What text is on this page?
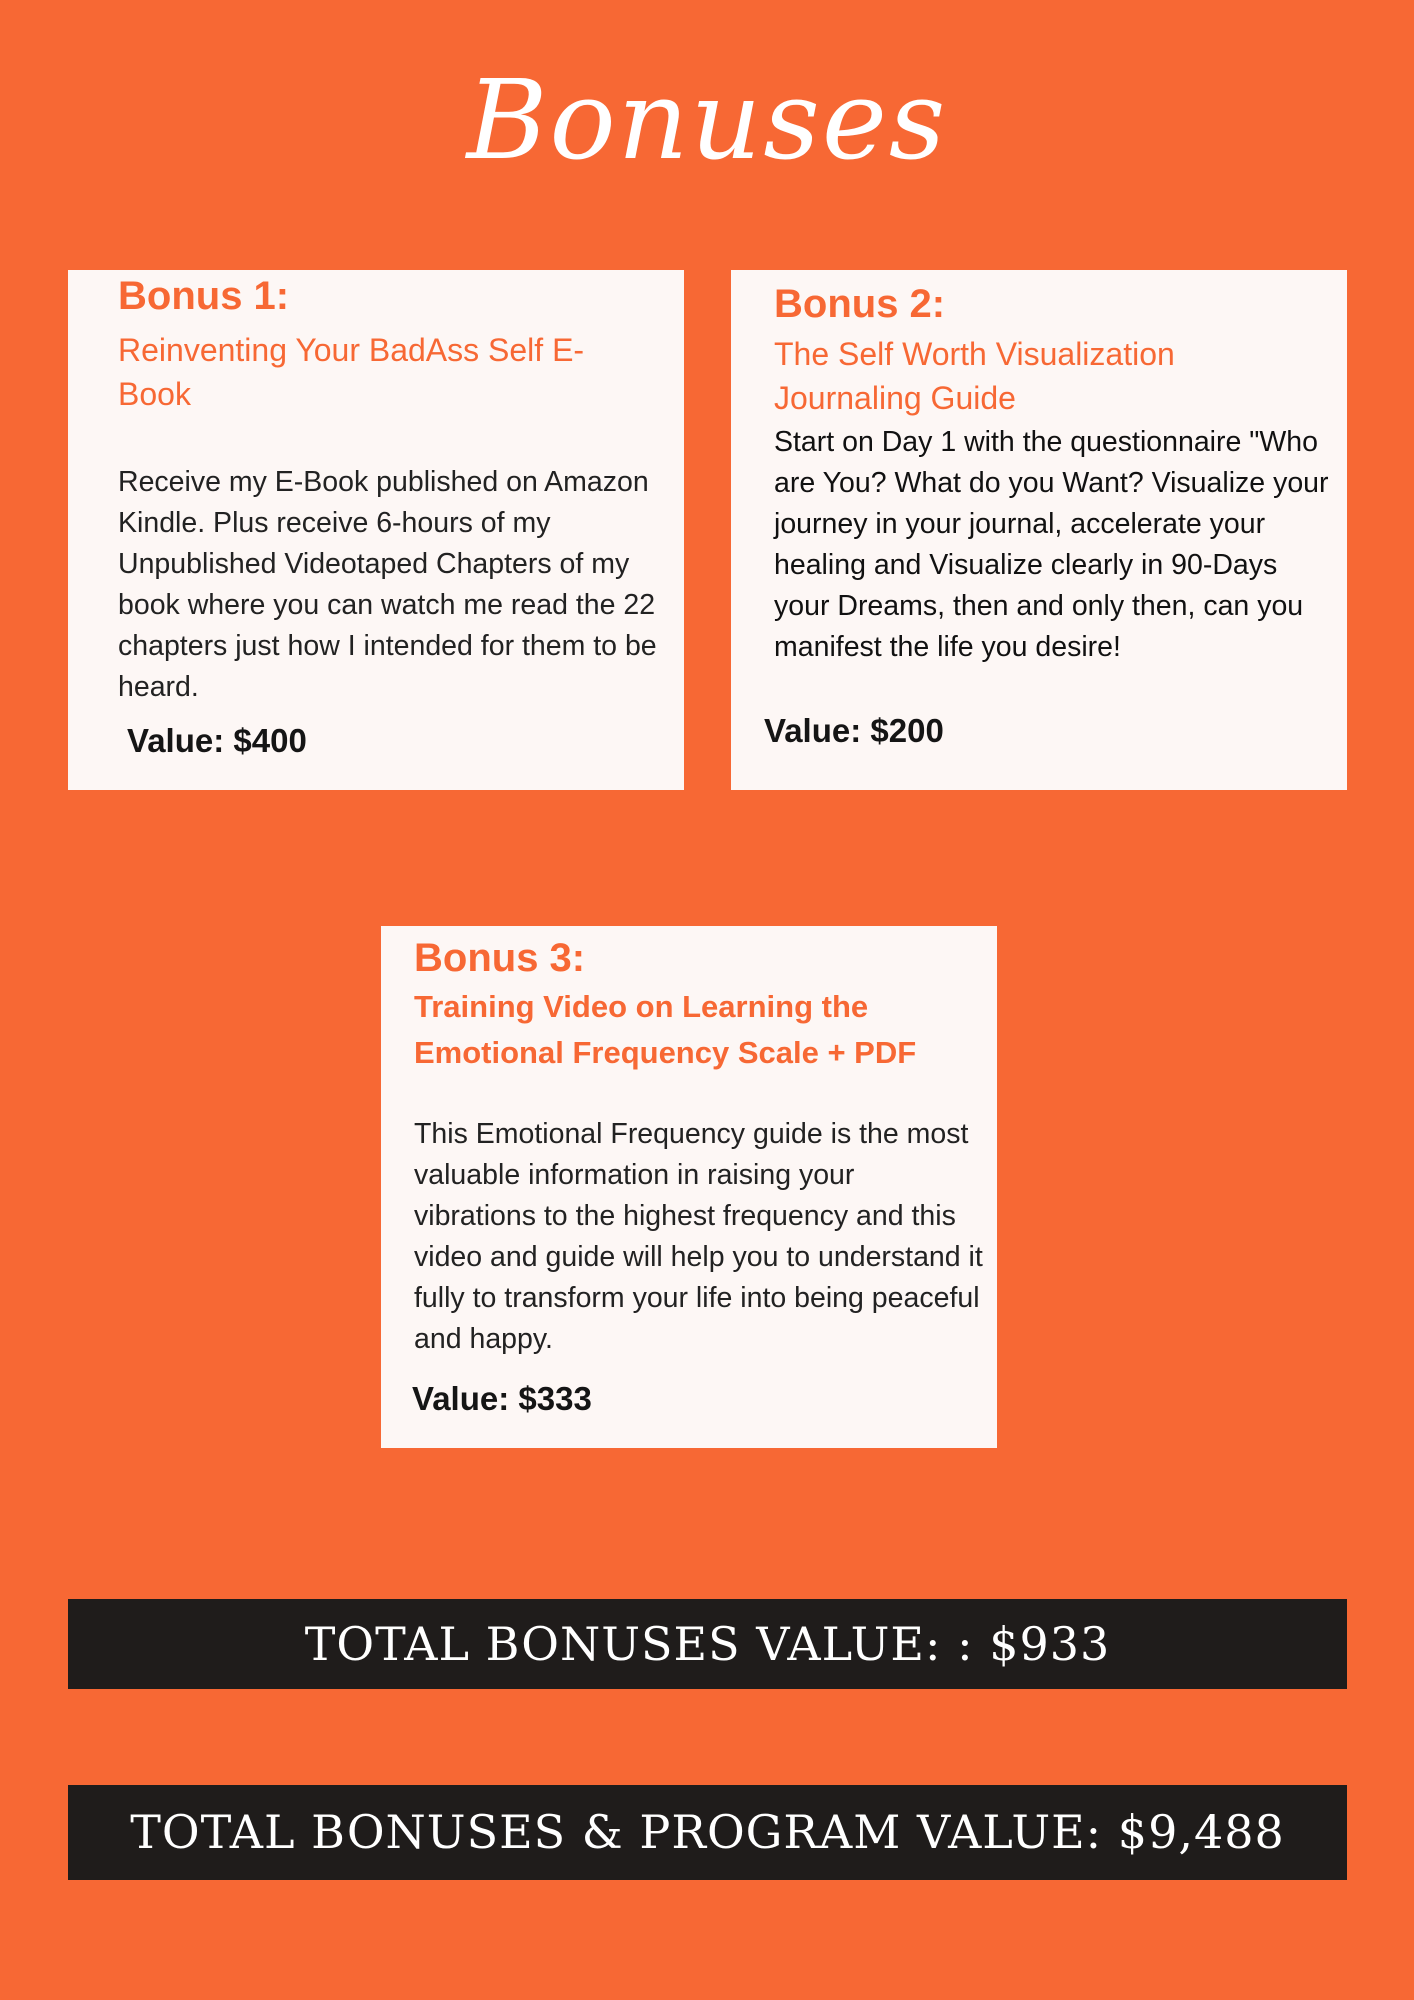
Bonuses

Bonus 1:

Reinventing Your BadAss Self E-Book

Receive my E-Book published on Amazon Kindle. Plus receive 6-hours of my Unpublished Videotaped Chapters of my book where you can watch me read the 22 chapters just how I intended for them to be heard.

Value: $400

Bonus 2:

The Self Worth Visualization Journaling Guide

Start on Day 1 with the questionnaire "Who are You? What do you Want? Visualize your journey in your journal, accelerate your healing and Visualize clearly in 90-Days your Dreams, then and only then, can you manifest the life you desire!

Value: $200

Bonus 3:

Training Video on Learning the Emotional Frequency Scale + PDF

This Emotional Frequency guide is the most valuable information in raising your vibrations to the highest frequency and this video and guide will help you to understand it fully to transform your life into being peaceful and happy.

Value: $333

TOTAL BONUSES VALUE: : $933
TOTAL BONUSES & PROGRAM VALUE: $9,488
